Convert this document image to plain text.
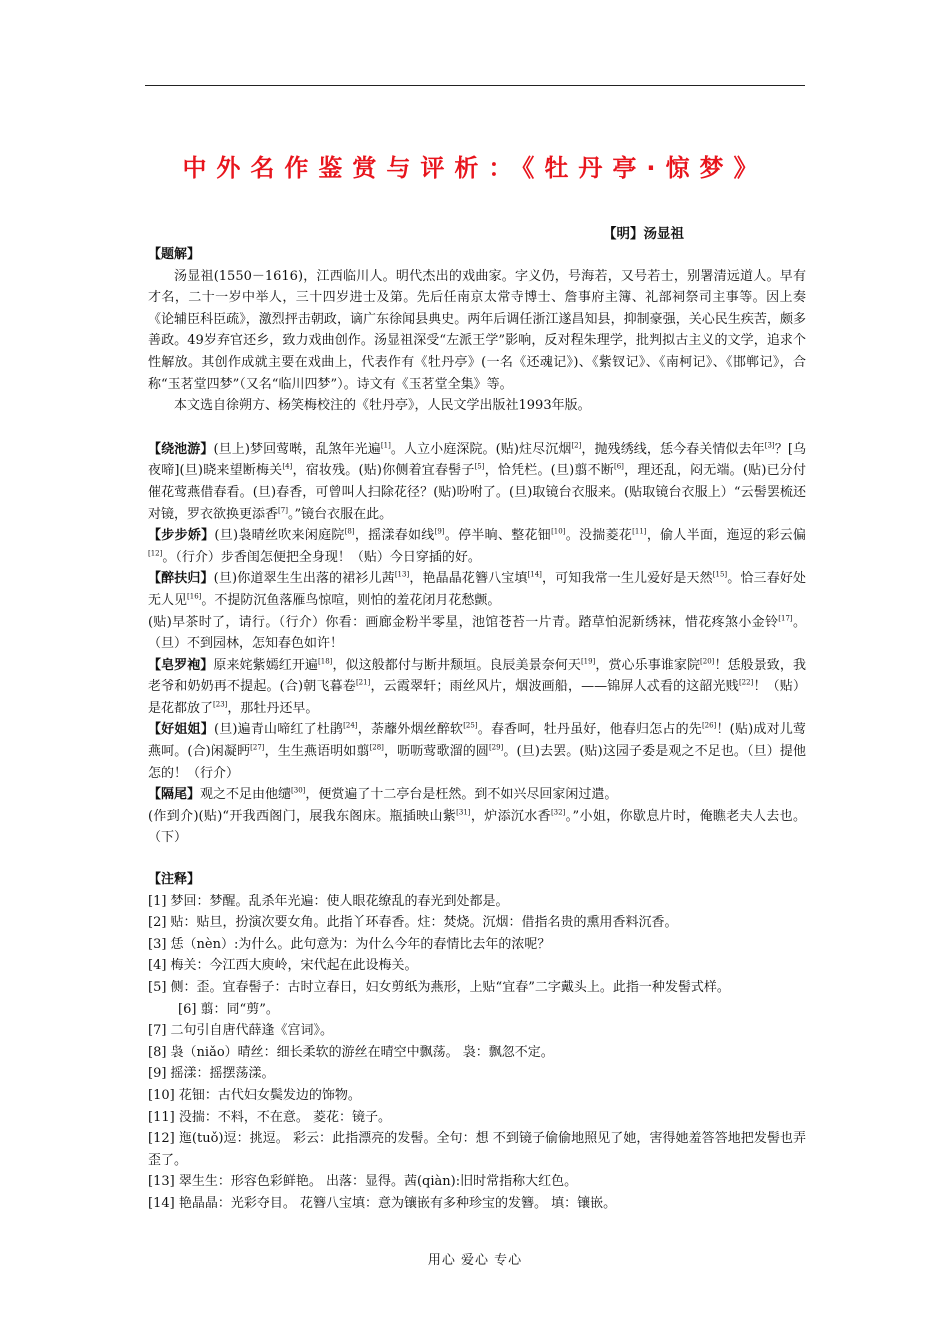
中外名作鉴赏与评析：《牡丹亭·惊梦》
【明】汤显祖

【题解】

汤显祖(1550－1616)，江西临川人。明代杰出的戏曲家。字义仍，号海若，又号若士，别署清远道人。早有才名，二十一岁中举人，三十四岁进士及第。先后任南京太常寺博士、詹事府主簿、礼部祠祭司主事等。因上奏《论辅臣科臣疏》，激烈抨击朝政，谪广东徐闻县典史。两年后调任浙江遂昌知县，抑制豪强，关心民生疾苦，颇多善政。49岁弃官还乡，致力戏曲创作。汤显祖深受“左派王学”影响，反对程朱理学，批判拟古主义的文学，追求个性解放。其创作成就主要在戏曲上，代表作有《牡丹亭》(一名《还魂记》)、《紫钗记》、《南柯记》、《邯郸记》，合称“玉茗堂四梦”（又名“临川四梦”）。诗文有《玉茗堂全集》等。

本文选自徐朔方、杨笑梅校注的《牡丹亭》，人民文学出版社1993年版。

【绕池游】(旦上)梦回莺啭，乱煞年光遍[1]。人立小庭深院。(贴)炷尽沉烟[2]，抛残绣线，恁今春关情似去年[3]？[乌夜啼](旦)晓来望断梅关[4]，宿妆残。(贴)你侧着宜春髻子[5]，恰凭栏。(旦)翦不断[6]，理还乱，闷无端。(贴)已分付催花莺燕借春看。(旦)春香，可曾叫人扫除花径？(贴)吩咐了。(旦)取镜台衣服来。(贴取镜台衣服上）“云髻罢梳还对镜，罗衣欲换更添香[7]。”镜台衣服在此。

【步步娇】(旦)袅晴丝吹来闲庭院[8]，摇漾春如线[9]。停半晌、整花钿[10]。没揣菱花[11]，偷人半面，迤逗的彩云偏[12]。（行介）步香闺怎便把全身现！（贴）今日穿插的好。

【醉扶归】(旦)你道翠生生出落的裙衫儿茜[13]，艳晶晶花簪八宝填[14]，可知我常一生儿爱好是天然[15]。恰三春好处无人见[16]。不提防沉鱼落雁鸟惊喧，则怕的羞花闭月花愁颤。

(贴)早茶时了，请行。（行介）你看：画廊金粉半零星，池馆苍苔一片青。踏草怕泥新绣袜，惜花疼煞小金铃[17]。（旦）不到园林，怎知春色如许！

【皂罗袍】原来姹紫嫣红开遍[18]，似这般都付与断井颓垣。良辰美景奈何天[19]，赏心乐事谁家院[20]！恁般景致，我老爷和奶奶再不提起。(合)朝飞暮卷[21]，云霞翠轩；雨丝风片，烟波画船，——锦屏人忒看的这韶光贱[22]！（贴）是花都放了[23]，那牡丹还早。

【好姐姐】(旦)遍青山啼红了杜鹃[24]，荼蘼外烟丝醉软[25]。春香呵，牡丹虽好，他春归怎占的先[26]！(贴)成对儿莺燕呵。(合)闲凝眄[27]，生生燕语明如翦[28]，呖呖莺歌溜的圆[29]。(旦)去罢。(贴)这园子委是观之不足也。（旦）提他怎的！（行介）

【隔尾】观之不足由他缱[30]，便赏遍了十二亭台是枉然。到不如兴尽回家闲过遣。

(作到介)(贴)“开我西阁门，展我东阁床。瓶插映山紫[31]，炉添沉水香[32]。”小姐，你歇息片时，俺瞧老夫人去也。（下）

【注释】

[1] 梦回：梦醒。乱杀年光遍：使人眼花缭乱的春光到处都是。

[2] 贴：贴旦，扮演次要女角。此指丫环春香。炷：焚烧。沉烟：借指名贵的熏用香料沉香。

[3] 恁（nèn）:为什么。此句意为：为什么今年的春情比去年的浓呢？

[4] 梅关：今江西大庾岭，宋代起在此设梅关。

[5] 侧：歪。宜春髻子：古时立春日，妇女剪纸为燕形，上贴“宜春”二字戴头上。此指一种发髻式样。

[6] 翦：同“剪”。

[7] 二句引自唐代薛逢《宫词》。

[8] 袅（niǎo）晴丝：细长柔软的游丝在晴空中飘荡。 袅：飘忽不定。

[9] 摇漾：摇摆荡漾。

[10] 花钿：古代妇女鬓发边的饰物。

[11] 没揣：不料，不在意。 菱花：镜子。

[12] 迤(tuǒ)逗：挑逗。 彩云：此指漂亮的发髻。全句：想 不到镜子偷偷地照见了她，害得她羞答答地把发髻也弄歪了。

[13] 翠生生：形容色彩鲜艳。 出落：显得。茜(qiàn):旧时常指称大红色。

[14] 艳晶晶：光彩夺目。 花簪八宝填：意为镶嵌有多种珍宝的发簪。 填：镶嵌。

用心 爱心 专心
